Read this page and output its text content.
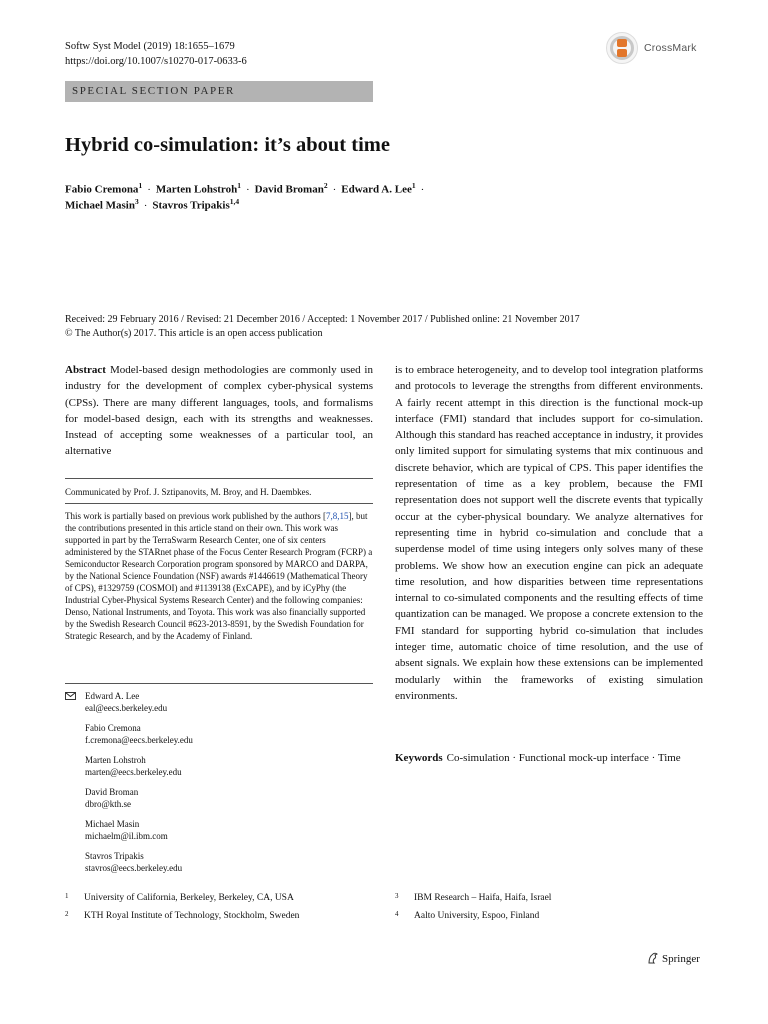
Softw Syst Model (2019) 18:1655–1679
https://doi.org/10.1007/s10270-017-0633-6
CrossMark
SPECIAL SECTION PAPER
Hybrid co-simulation: it’s about time
Fabio Cremona$^1$ · Marten Lohstroh$^1$ · David Broman$^2$ · Edward A. Lee$^1$ ·
Michael Masin$^3$ · Stavros Tripakis$^{1,4}$
Received: 29 February 2016 / Revised: 21 December 2016 / Accepted: 1 November 2017 / Published online: 21 November 2017
© The Author(s) 2017. This article is an open access publication
Abstract Model-based design methodologies are commonly used in industry for the development of complex cyber-physical systems (CPSs). There are many different languages, tools, and formalisms for model-based design, each with its strengths and weaknesses. Instead of accepting some weaknesses of a particular tool, an alternative
is to embrace heterogeneity, and to develop tool integration platforms and protocols to leverage the strengths from different environments. A fairly recent attempt in this direction is the functional mock-up interface (FMI) standard that includes support for co-simulation. Although this standard has reached acceptance in industry, it provides only limited support for simulating systems that mix continuous and discrete behavior, which are typical of CPS. This paper identifies the representation of time as a key problem, because the FMI representation does not support well the discrete events that typically occur at the cyber-physical boundary. We analyze alternatives for representing time in hybrid co-simulation and conclude that a superdense model of time using integers only solves many of these problems. We show how an execution engine can pick an adequate time resolution, and how disparities between time representations internal to co-simulated components and the resulting effects of time quantization can be managed. We propose a concrete extension to the FMI standard for supporting hybrid co-simulation that includes integer time, automatic choice of time resolution, and the use of absent signals. We explain how these extensions can be implemented modularly within the frameworks of existing simulation environments.
Keywords Co-simulation · Functional mock-up interface · Time
Communicated by Prof. J. Sztipanovits, M. Broy, and H. Daembkes.
This work is partially based on previous work published by the authors [7,8,15], but the contributions presented in this article stand on their own. This work was supported in part by the TerraSwarm Research Center, one of six centers administered by the STARnet phase of the Focus Center Research Program (FCRP) a Semiconductor Research Corporation program sponsored by MARCO and DARPA, by the National Science Foundation (NSF) awards #1446619 (Mathematical Theory of CPS), #1329759 (COSMOI) and #1139138 (ExCAPE), and by iCyPhy (the Industrial Cyber-Physical Systems Research Center) and the following companies: Denso, National Instruments, and Toyota. This work was also financially supported by the Swedish Research Council #623-2013-8591, by the Swedish Foundation for Strategic Research, and by the Academy of Finland.
Edward A. Lee
eal@eecs.berkeley.edu
Fabio Cremona
f.cremona@eecs.berkeley.edu
Marten Lohstroh
marten@eecs.berkeley.edu
David Broman
dbro@kth.se
Michael Masin
michaelm@il.ibm.com
Stavros Tripakis
stavros@eecs.berkeley.edu
1 University of California, Berkeley, Berkeley, CA, USA
2 KTH Royal Institute of Technology, Stockholm, Sweden
3 IBM Research – Haifa, Haifa, Israel
4 Aalto University, Espoo, Finland
Springer
